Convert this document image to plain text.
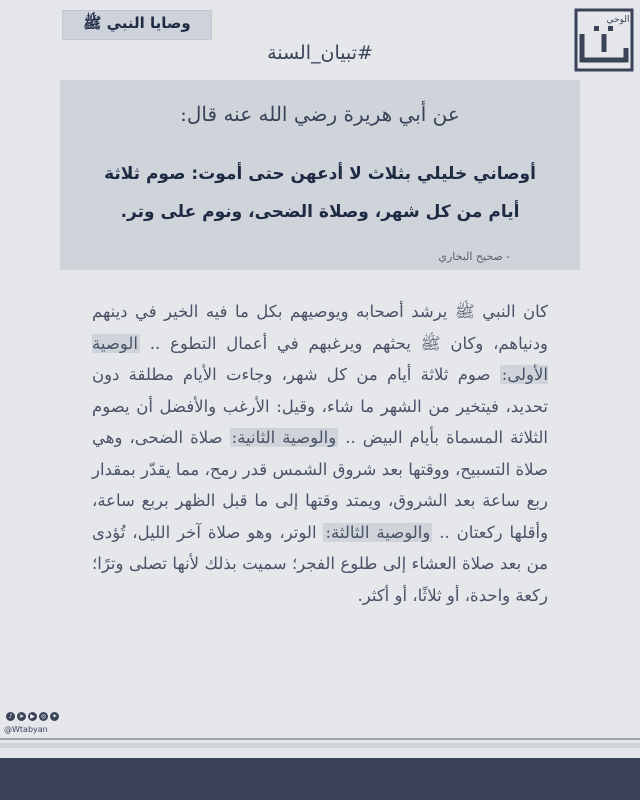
وصايا النبي ﷺ	الوحي
#تبيان_السنة
عن أبي هريرة رضي الله عنه قال:
أوصاني خليلي بثلاث لا أدعهن حتى أموت: صوم ثلاثة
أيام من كل شهر، وصلاة الضحى، ونوم على وتر.
- صحيح البخاري
كان النبي ﷺ يرشد أصحابه ويوصيهم بكل ما فيه الخير في دينهم ودنياهم، وكان ﷺ يحثهم ويرغبهم في أعمال التطوع .. الوصية الأولى: صوم ثلاثة أيام من كل شهر، وجاءت الأيام مطلقة دون تحديد، فيتخير من الشهر ما شاء، وقيل: الأرغب والأفضل أن يصوم الثلاثة المسماة بأيام البيض .. والوصية الثانية: صلاة الضحى، وهي صلاة التسبيح، ووقتها بعد شروق الشمس قدر رمح، مما يقدّر بمقدار ربع ساعة بعد الشروق، ويمتد وقتها إلى ما قبل الظهر بربع ساعة، وأقلها ركعتان .. والوصية الثالثة: الوتر، وهو صلاة آخر الليل، تُؤدى من بعد صلاة العشاء إلى طلوع الفجر؛ سميت بذلك لأنها تصلى وترًا؛ ركعة واحدة، أو ثلاثًا، أو أكثر.
♪	➤	▶	◎ ✦
@Wtabyan
